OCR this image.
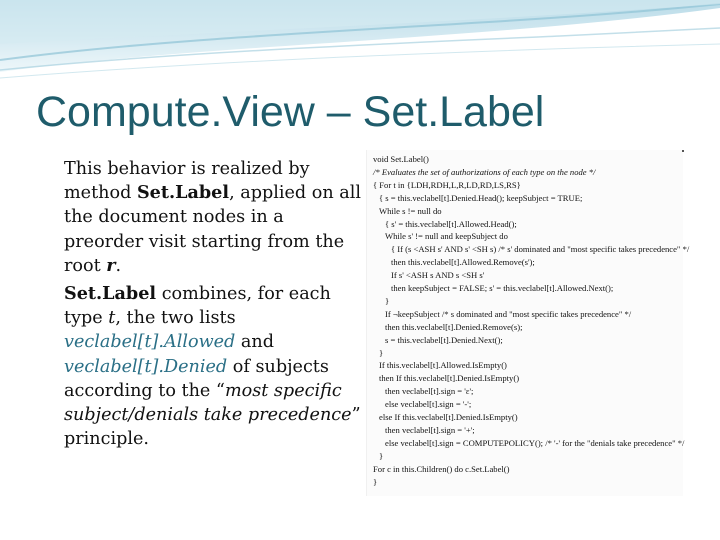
Compute.View – Set.Label

This behavior is realized by method Set.Label, applied on all the document nodes in a preorder visit starting from the root r.

Set.Label combines, for each type t, the two lists veclabel[t].Allowed and veclabel[t].Denied of subjects according to the “most specific subject/denials take precedence” principle.

void Set.Label()
/* Evaluates the set of authorizations of each type on the node */
{ For t in {LDH,RDH,L,R,LD,RD,LS,RS}
{ s = this.veclabel[t].Denied.Head(); keepSubject = TRUE;
While s != null do
{ s' = this.veclabel[t].Allowed.Head();
While s' != null and keepSubject do
{ If (s <ASH s' AND s' <SH s) /* s' dominated and "most specific takes precedence" */
then this.veclabel[t].Allowed.Remove(s');
If s' <ASH s AND s <SH s'
then keepSubject = FALSE; s' = this.veclabel[t].Allowed.Next();
}
If ¬keepSubject /* s dominated and "most specific takes precedence" */
then this.veclabel[t].Denied.Remove(s);
s = this.veclabel[t].Denied.Next();
}
If this.veclabel[t].Allowed.IsEmpty()
then If this.veclabel[t].Denied.IsEmpty()
then veclabel[t].sign = 'ε';
else veclabel[t].sign = '-';
else If this.veclabel[t].Denied.IsEmpty()
then veclabel[t].sign = '+';
else veclabel[t].sign = COMPUTEPOLICY(); /* '-' for the "denials take precedence" */
}
For c in this.Children() do c.Set.Label()
}
